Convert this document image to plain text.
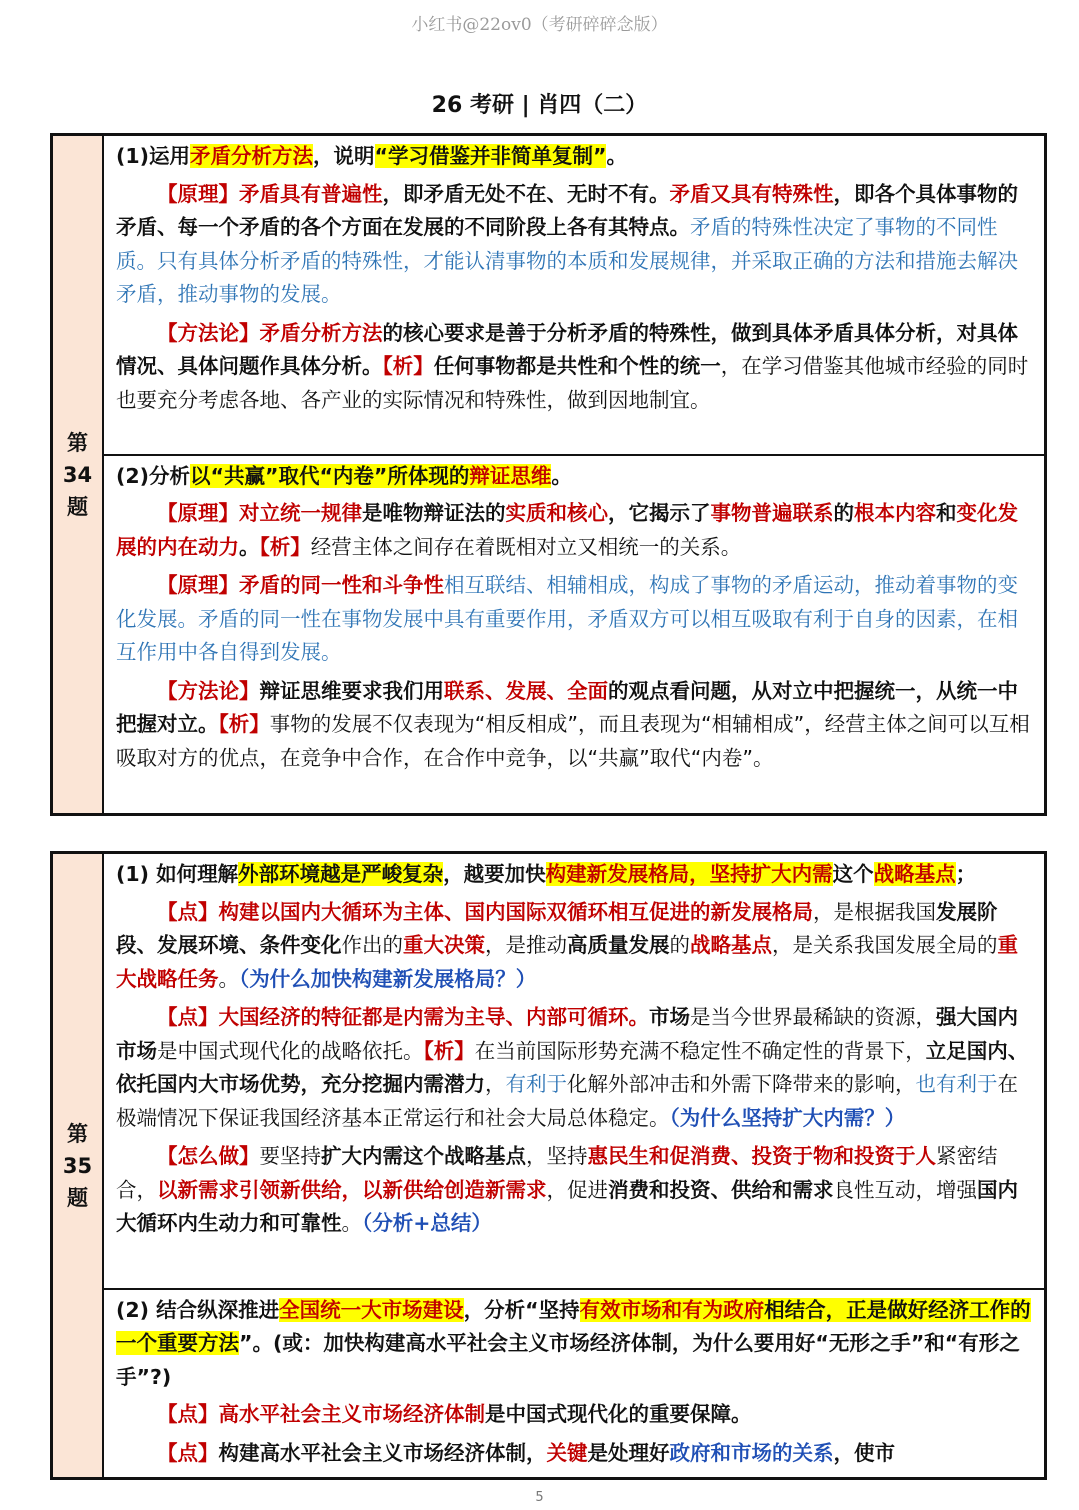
小红书@22ov0（考研碎碎念版）
26 考研 | 肖四（二）
第
34
题

(1)运用矛盾分析方法，说明“学习借鉴并非简单复制”。
【原理】矛盾具有普遍性，即矛盾无处不在、无时不有。矛盾又具有特殊性，即各个具体事物的矛盾、每一个矛盾的各个方面在发展的不同阶段上各有其特点。矛盾的特殊性决定了事物的不同性质。只有具体分析矛盾的特殊性，才能认清事物的本质和发展规律，并采取正确的方法和措施去解决矛盾，推动事物的发展。
【方法论】矛盾分析方法的核心要求是善于分析矛盾的特殊性，做到具体矛盾具体分析，对具体情况、具体问题作具体分析。【析】任何事物都是共性和个性的统一，在学习借鉴其他城市经验的同时也要充分考虑各地、各产业的实际情况和特殊性，做到因地制宜。

(2)分析以“共赢”取代“内卷”所体现的辩证思维。
【原理】对立统一规律是唯物辩证法的实质和核心，它揭示了事物普遍联系的根本内容和变化发展的内在动力。【析】经营主体之间存在着既相对立又相统一的关系。
【原理】矛盾的同一性和斗争性相互联结、相辅相成，构成了事物的矛盾运动，推动着事物的变化发展。矛盾的同一性在事物发展中具有重要作用，矛盾双方可以相互吸取有利于自身的因素，在相互作用中各自得到发展。
【方法论】辩证思维要求我们用联系、发展、全面的观点看问题，从对立中把握统一，从统一中把握对立。【析】事物的发展不仅表现为“相反相成”，而且表现为“相辅相成”，经营主体之间可以互相吸取对方的优点，在竞争中合作，在合作中竞争，以“共赢”取代“内卷”。
第
35
题

(1) 如何理解外部环境越是严峻复杂，越要加快构建新发展格局，坚持扩大内需这个战略基点；
【点】构建以国内大循环为主体、国内国际双循环相互促进的新发展格局，是根据我国发展阶段、发展环境、条件变化作出的重大决策，是推动高质量发展的战略基点，是关系我国发展全局的重大战略任务。（为什么加快构建新发展格局？）
【点】大国经济的特征都是内需为主导、内部可循环。市场是当今世界最稀缺的资源，强大国内市场是中国式现代化的战略依托。【析】在当前国际形势充满不稳定性不确定性的背景下，立足国内、依托国内大市场优势，充分挖掘内需潜力，有利于化解外部冲击和外需下降带来的影响，也有利于在极端情况下保证我国经济基本正常运行和社会大局总体稳定。（为什么坚持扩大内需？）
【怎么做】要坚持扩大内需这个战略基点，坚持惠民生和促消费、投资于物和投资于人紧密结合，以新需求引领新供给，以新供给创造新需求，促进消费和投资、供给和需求良性互动，增强国内大循环内生动力和可靠性。（分析+总结）

(2) 结合纵深推进全国统一大市场建设，分析“坚持有效市场和有为政府相结合，正是做好经济工作的一个重要方法”。(或：加快构建高水平社会主义市场经济体制，为什么要用好“无形之手”和“有形之手”?)
【点】高水平社会主义市场经济体制是中国式现代化的重要保障。
【点】构建高水平社会主义市场经济体制，关键是处理好政府和市场的关系，使市
5
